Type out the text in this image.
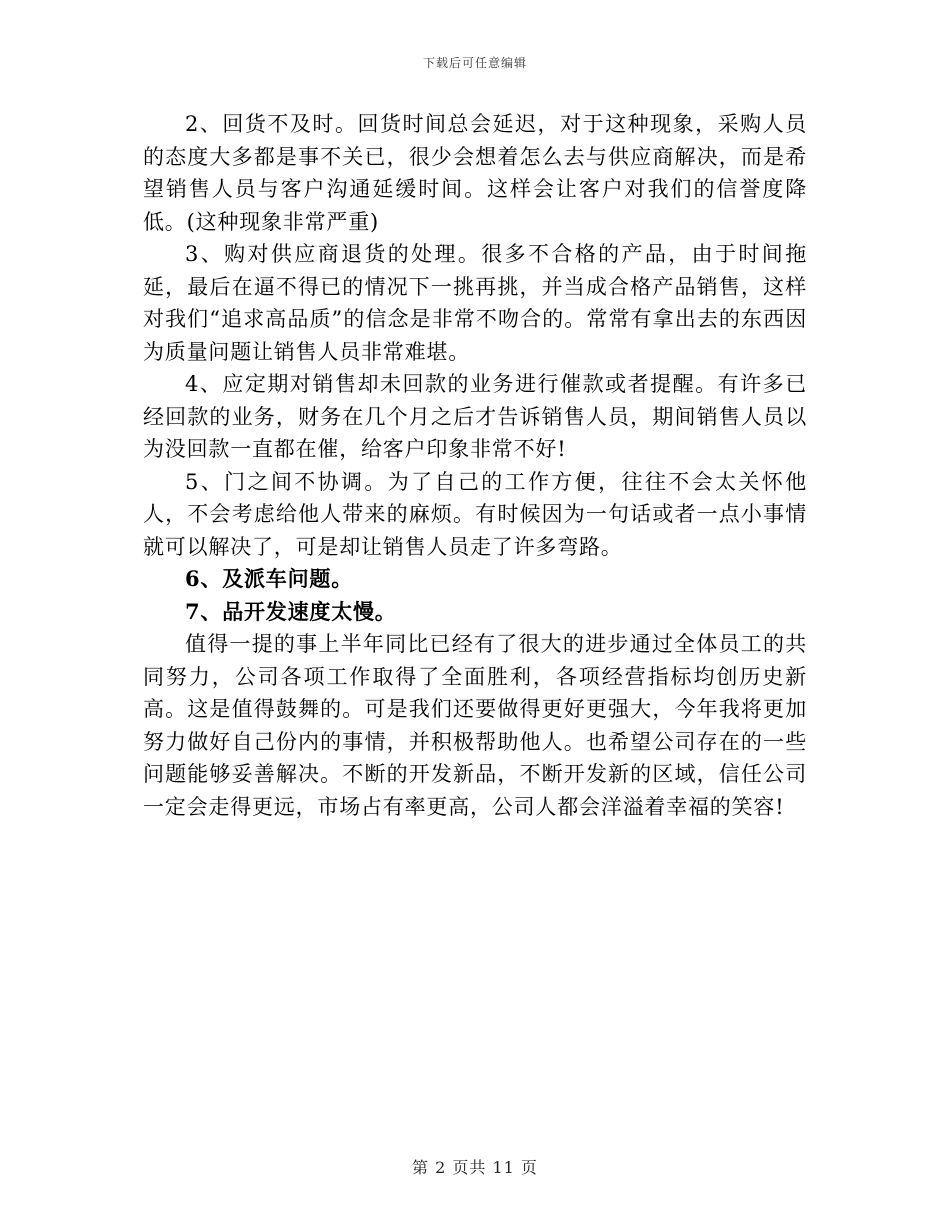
下载后可任意编辑

2、回货不及时。回货时间总会延迟，对于这种现象，采购人员的态度大多都是事不关已，很少会想着怎么去与供应商解决，而是希望销售人员与客户沟通延缓时间。这样会让客户对我们的信誉度降低。(这种现象非常严重)

3、购对供应商退货的处理。很多不合格的产品，由于时间拖延，最后在逼不得已的情况下一挑再挑，并当成合格产品销售，这样对我们“追求高品质”的信念是非常不吻合的。常常有拿出去的东西因为质量问题让销售人员非常难堪。

4、应定期对销售却未回款的业务进行催款或者提醒。有许多已经回款的业务，财务在几个月之后才告诉销售人员，期间销售人员以为没回款一直都在催，给客户印象非常不好!

5、门之间不协调。为了自己的工作方便，往往不会太关怀他人，不会考虑给他人带来的麻烦。有时候因为一句话或者一点小事情就可以解决了，可是却让销售人员走了许多弯路。

6、及派车问题。

7、品开发速度太慢。

值得一提的事上半年同比已经有了很大的进步通过全体员工的共同努力，公司各项工作取得了全面胜利，各项经营指标均创历史新高。这是值得鼓舞的。可是我们还要做得更好更强大，今年我将更加努力做好自己份内的事情，并积极帮助他人。也希望公司存在的一些问题能够妥善解决。不断的开发新品，不断开发新的区域，信任公司一定会走得更远，市场占有率更高，公司人都会洋溢着幸福的笑容!

第 2 页共 11 页
